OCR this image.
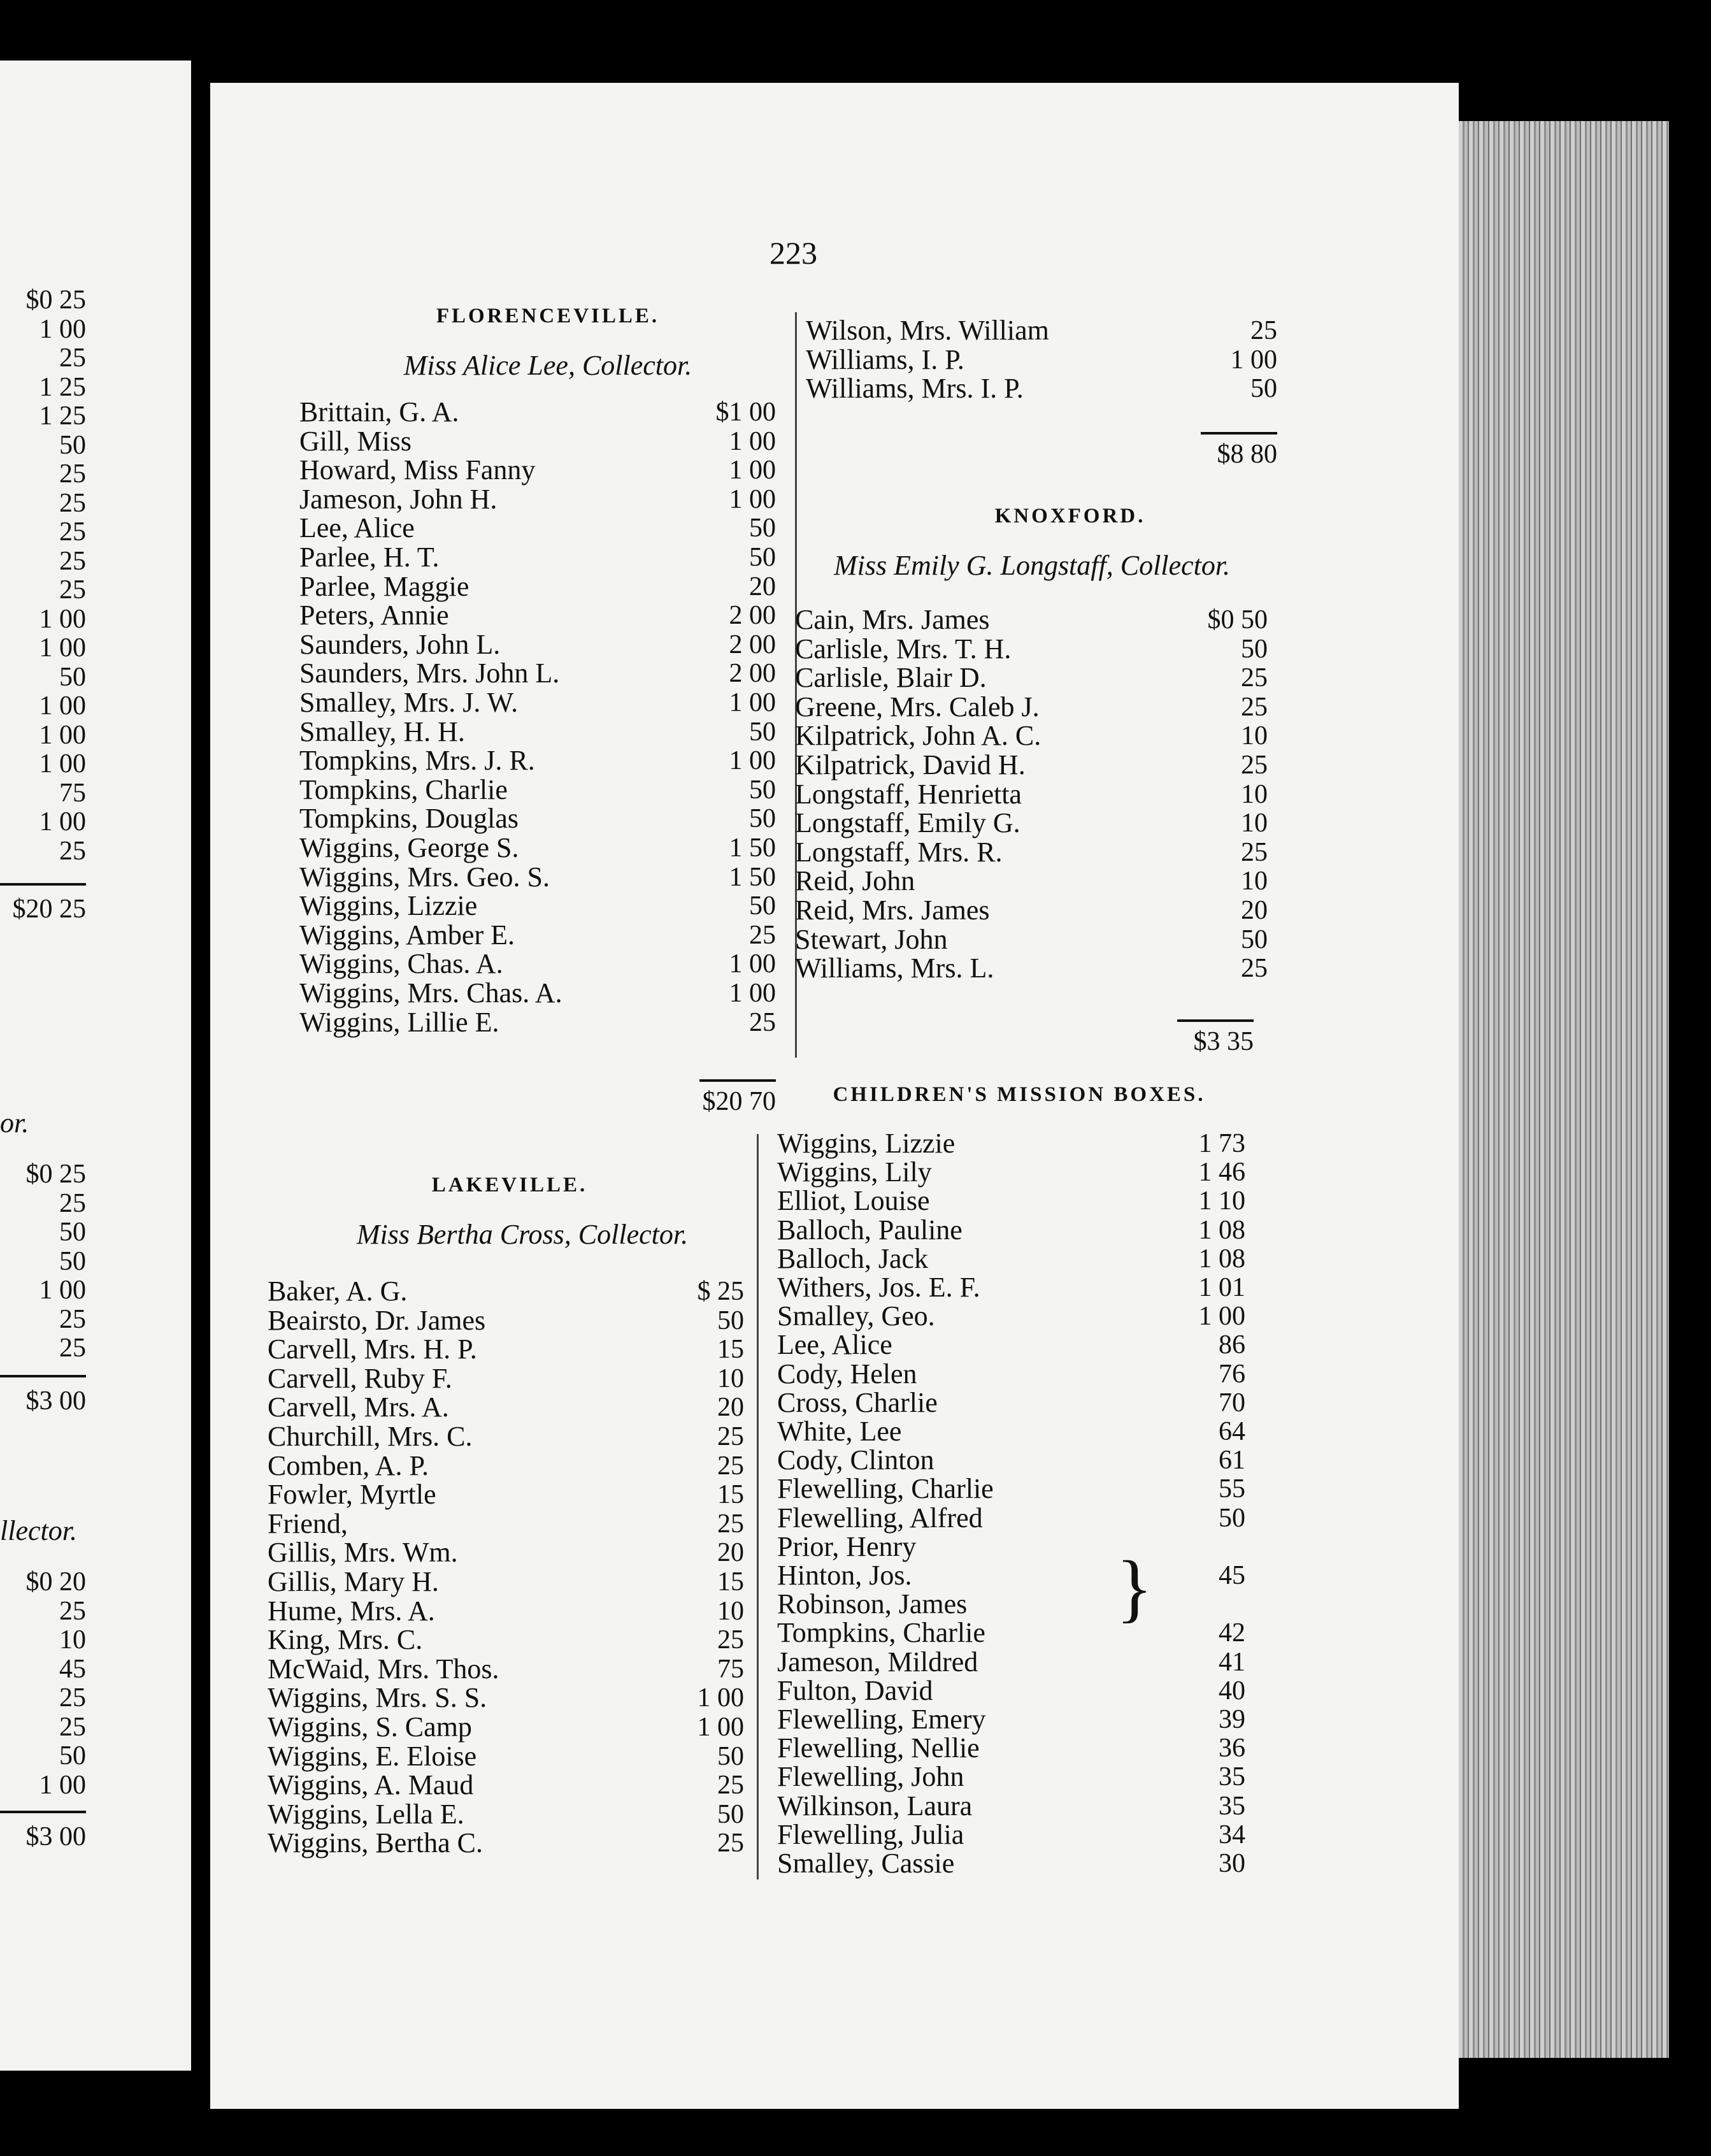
$0 25
1 00
25
1 25
1 25
50
25
25
25
25
25
1 00
1 00
50
1 00
1 00
1 00
75
1 00
25
$20 25
or.
$0 25
25
50
50
1 00
25
25
$3 00
llector.
$0 20
25
10
45
25
25
50
1 00
$3 00
223
FLORENCEVILLE.
Miss Alice Lee, Collector.
Brittain, G. A.	$1 00
Gill, Miss	1 00
Howard, Miss Fanny	1 00
Jameson, John H.	1 00
Lee, Alice	50
Parlee, H. T.	50
Parlee, Maggie	20
Peters, Annie	2 00
Saunders, John L.	2 00
Saunders, Mrs. John L.	2 00
Smalley, Mrs. J. W.	1 00
Smalley, H. H.	50
Tompkins, Mrs. J. R.	1 00
Tompkins, Charlie	50
Tompkins, Douglas	50
Wiggins, George S.	1 50
Wiggins, Mrs. Geo. S.	1 50
Wiggins, Lizzie	50
Wiggins, Amber E.	25
Wiggins, Chas. A.	1 00
Wiggins, Mrs. Chas. A.	1 00
Wiggins, Lillie E.	25
$20 70
LAKEVILLE.
Miss Bertha Cross, Collector.
Baker, A. G.	$ 25
Beairsto, Dr. James	50
Carvell, Mrs. H. P.	15
Carvell, Ruby F.	10
Carvell, Mrs. A.	20
Churchill, Mrs. C.	25
Comben, A. P.	25
Fowler, Myrtle	15
Friend,	25
Gillis, Mrs. Wm.	20
Gillis, Mary H.	15
Hume, Mrs. A.	10
King, Mrs. C.	25
McWaid, Mrs. Thos.	75
Wiggins, Mrs. S. S.	1 00
Wiggins, S. Camp	1 00
Wiggins, E. Eloise	50
Wiggins, A. Maud	25
Wiggins, Lella E.	50
Wiggins, Bertha C.	25
Wilson, Mrs. William	25
Williams, I. P.	1 00
Williams, Mrs. I. P.	50
$8 80
KNOXFORD.
Miss Emily G. Longstaff, Collector.
Cain, Mrs. James	$0 50
Carlisle, Mrs. T. H.	50
Carlisle, Blair D.	25
Greene, Mrs. Caleb J.	25
Kilpatrick, John A. C.	10
Kilpatrick, David H.	25
Longstaff, Henrietta	10
Longstaff, Emily G.	10
Longstaff, Mrs. R.	25
Reid, John	10
Reid, Mrs. James	20
Stewart, John	50
Williams, Mrs. L.	25
$3 35
CHILDREN'S MISSION BOXES.
Wiggins, Lizzie	1 73
Wiggins, Lily	1 46
Elliot, Louise	1 10
Balloch, Pauline	1 08
Balloch, Jack	1 08
Withers, Jos. E. F.	1 01
Smalley, Geo.	1 00
Lee, Alice	86
Cody, Helen	76
Cross, Charlie	70
White, Lee	64
Cody, Clinton	61
Flewelling, Charlie	55
Flewelling, Alfred	50
Prior, Henry
Hinton, Jos.	45
Robinson, James
Tompkins, Charlie	42
Jameson, Mildred	41
Fulton, David	40
Flewelling, Emery	39
Flewelling, Nellie	36
Flewelling, John	35
Wilkinson, Laura	35
Flewelling, Julia	34
Smalley, Cassie	30
}
